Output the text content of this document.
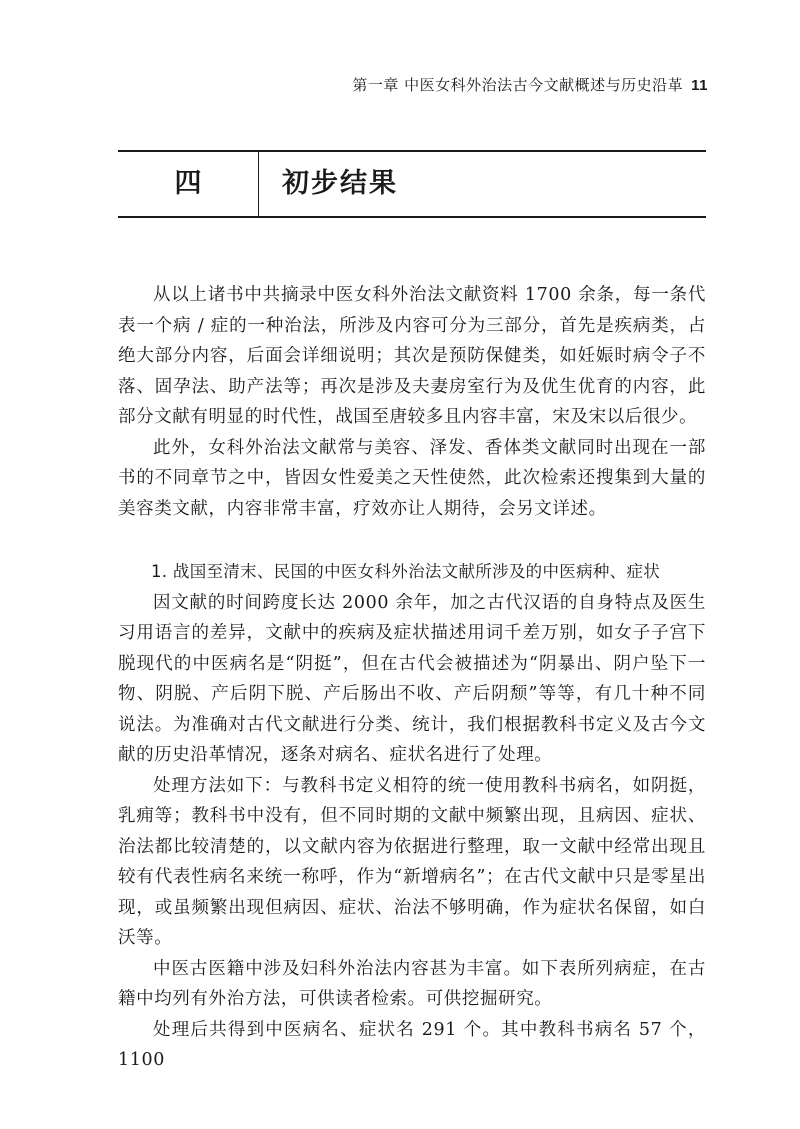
第一章 中医女科外治法古今文献概述与历史沿革 11
四	初步结果

从以上诸书中共摘录中医女科外治法文献资料 1700 余条，每一条代表一个病 / 症的一种治法，所涉及内容可分为三部分，首先是疾病类，占绝大部分内容，后面会详细说明；其次是预防保健类，如妊娠时病令子不落、固孕法、助产法等；再次是涉及夫妻房室行为及优生优育的内容，此部分文献有明显的时代性，战国至唐较多且内容丰富，宋及宋以后很少。

此外，女科外治法文献常与美容、泽发、香体类文献同时出现在一部书的不同章节之中，皆因女性爱美之天性使然，此次检索还搜集到大量的美容类文献，内容非常丰富，疗效亦让人期待，会另文详述。

1. 战国至清末、民国的中医女科外治法文献所涉及的中医病种、症状

因文献的时间跨度长达 2000 余年，加之古代汉语的自身特点及医生习用语言的差异，文献中的疾病及症状描述用词千差万别，如女子子宫下脱现代的中医病名是“阴挺”，但在古代会被描述为“阴暴出、阴户坠下一物、阴脱、产后阴下脱、产后肠出不收、产后阴颓”等等，有几十种不同说法。为准确对古代文献进行分类、统计，我们根据教科书定义及古今文献的历史沿革情况，逐条对病名、症状名进行了处理。

处理方法如下：与教科书定义相符的统一使用教科书病名，如阴挺，乳痈等；教科书中没有，但不同时期的文献中频繁出现，且病因、症状、治法都比较清楚的，以文献内容为依据进行整理，取一文献中经常出现且较有代表性病名来统一称呼，作为“新增病名”；在古代文献中只是零星出现，或虽频繁出现但病因、症状、治法不够明确，作为症状名保留，如白沃等。

中医古医籍中涉及妇科外治法内容甚为丰富。如下表所列病症，在古籍中均列有外治方法，可供读者检索。可供挖掘研究。

处理后共得到中医病名、症状名 291 个。其中教科书病名 57 个，1100
